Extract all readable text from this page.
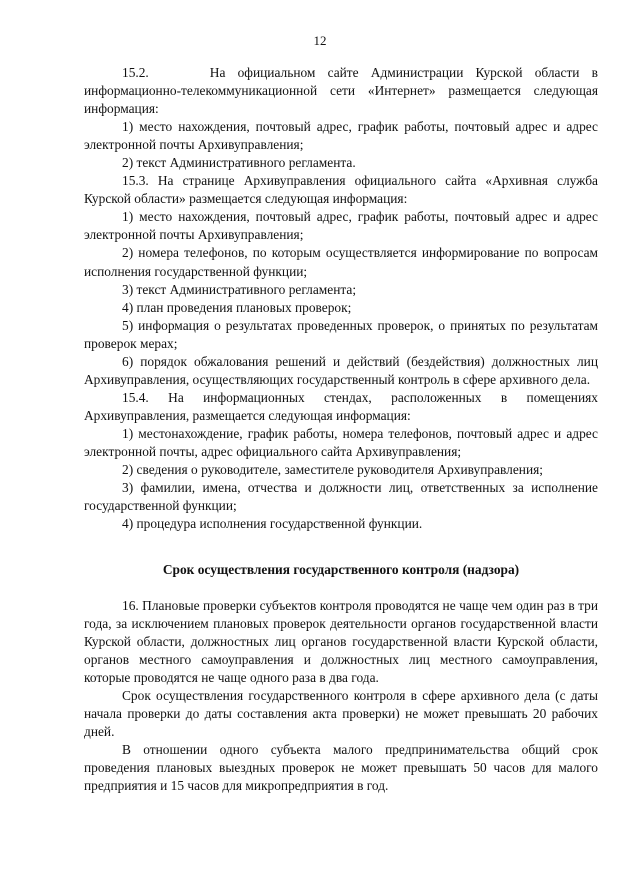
12

15.2.     На официальном сайте Администрации Курской области в информационно-телекоммуникационной сети «Интернет» размещается следующая информация:

1) место нахождения, почтовый адрес, график работы, почтовый адрес и адрес электронной почты Архивуправления;

2) текст Административного регламента.

15.3. На странице Архивуправления официального сайта «Архивная служба Курской области» размещается следующая информация:

1) место нахождения, почтовый адрес, график работы, почтовый адрес и адрес электронной почты Архивуправления;

2) номера телефонов, по которым осуществляется информирование по вопросам исполнения государственной функции;

3) текст Административного регламента;

4) план проведения плановых проверок;

5) информация о результатах проведенных проверок, о принятых по результатам проверок мерах;

6) порядок обжалования решений и действий (бездействия) должностных лиц Архивуправления, осуществляющих государственный контроль в сфере архивного дела.

15.4. На информационных стендах, расположенных в помещениях Архивуправления, размещается следующая информация:

1) местонахождение, график работы, номера телефонов, почтовый адрес и адрес электронной почты, адрес официального сайта Архивуправления;

2) сведения о руководителе, заместителе руководителя Архивуправления;

3) фамилии, имена, отчества и должности лиц, ответственных за исполнение государственной функции;

4) процедура исполнения государственной функции.

Срок осуществления государственного контроля (надзора)

16. Плановые проверки субъектов контроля проводятся не чаще чем один раз в три года, за исключением плановых проверок деятельности органов государственной власти Курской области, должностных лиц органов государственной власти Курской области, органов местного самоуправления и должностных лиц местного самоуправления, которые проводятся не чаще одного раза в два года.

Срок осуществления государственного контроля в сфере архивного дела (с даты начала проверки до даты составления акта проверки) не может превышать 20 рабочих дней.

В отношении одного субъекта малого предпринимательства общий срок проведения плановых выездных проверок не может превышать 50 часов для малого предприятия и 15 часов для микропредприятия в год.
